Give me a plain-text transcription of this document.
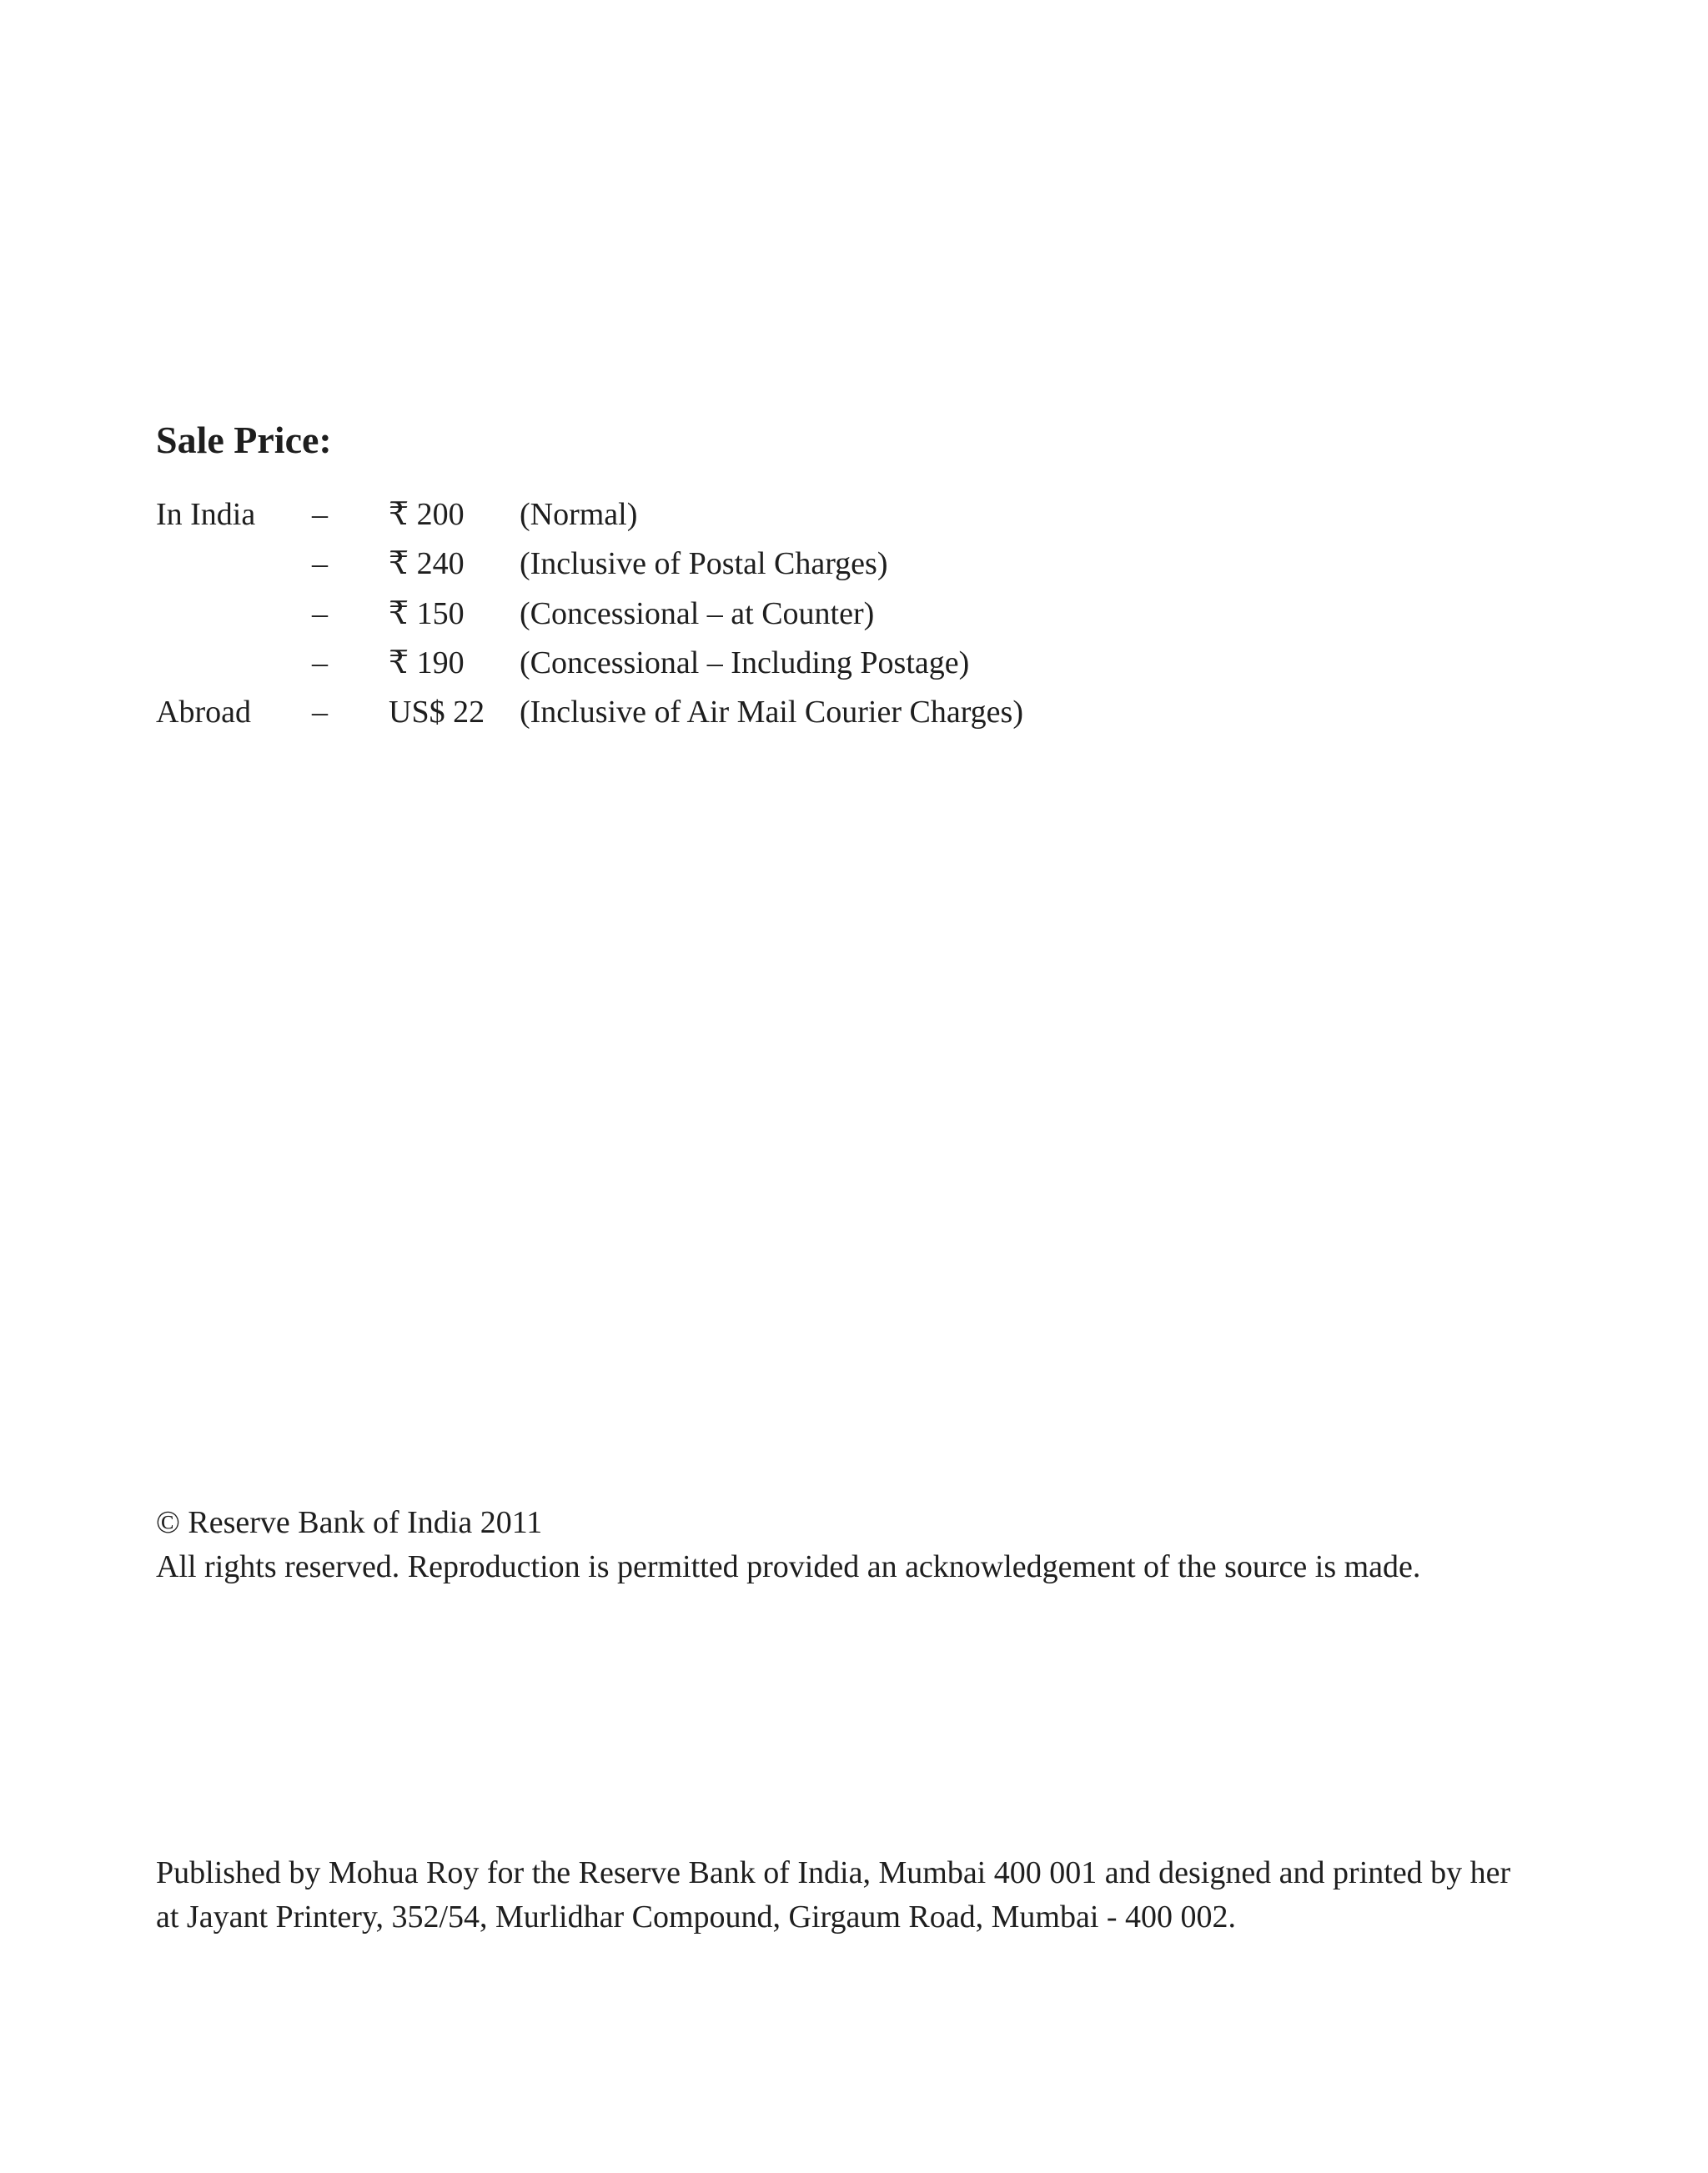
Sale Price:
In India	–	₹ 200	(Normal)
	–	₹ 240	(Inclusive of Postal Charges)
	–	₹ 150	(Concessional – at Counter)
	–	₹ 190	(Concessional – Including Postage)
Abroad	–	US$ 22	(Inclusive of Air Mail Courier Charges)
© Reserve Bank of India 2011
All rights reserved. Reproduction is permitted provided an acknowledgement of the source is made.
Published by Mohua Roy for the Reserve Bank of India, Mumbai 400 001 and designed and printed by her
at Jayant Printery, 352/54, Murlidhar Compound, Girgaum Road, Mumbai - 400 002.
